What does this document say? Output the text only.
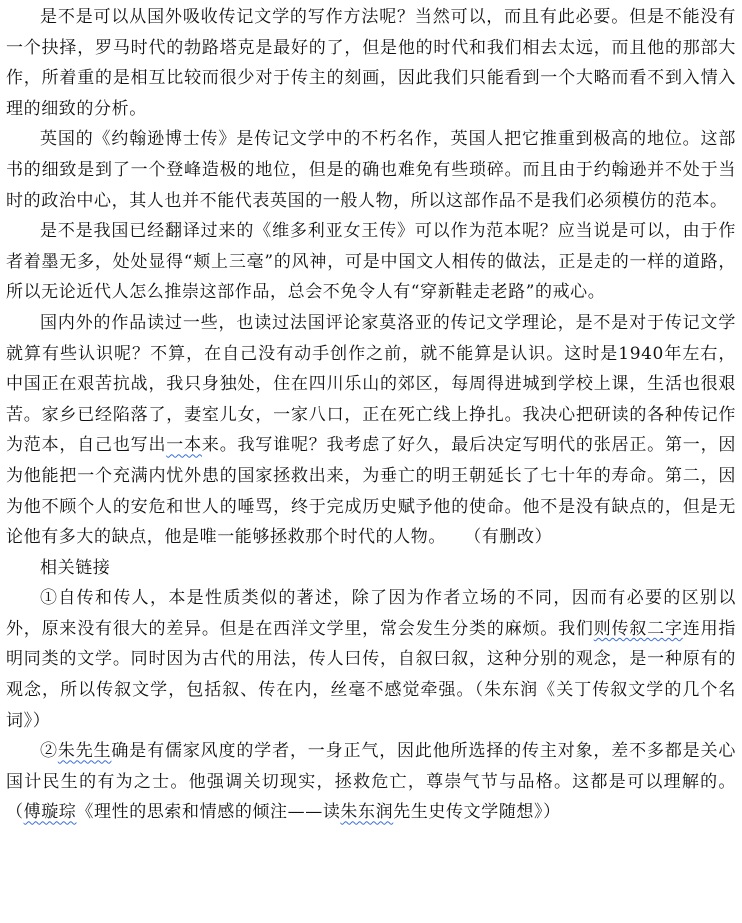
是不是可以从国外吸收传记文学的写作方法呢？当然可以，而且有此必要。但是不能没有一个抉择，罗马时代的勃路塔克是最好的了，但是他的时代和我们相去太远，而且他的那部大作，所着重的是相互比较而很少对于传主的刻画，因此我们只能看到一个大略而看不到入情入理的细致的分析。

英国的《约翰逊博士传》是传记文学中的不朽名作，英国人把它推重到极高的地位。这部书的细致是到了一个登峰造极的地位，但是的确也难免有些琐碎。而且由于约翰逊并不处于当时的政治中心，其人也并不能代表英国的一般人物，所以这部作品不是我们必须模仿的范本。

是不是我国已经翻译过来的《维多利亚女王传》可以作为范本呢？应当说是可以，由于作者着墨无多，处处显得“颊上三毫”的风神，可是中国文人相传的做法，正是走的一样的道路，所以无论近代人怎么推崇这部作品，总会不免令人有“穿新鞋走老路”的戒心。

国内外的作品读过一些，也读过法国评论家莫洛亚的传记文学理论，是不是对于传记文学就算有些认识呢？不算，在自己没有动手创作之前，就不能算是认识。这时是1940年左右，中国正在艰苦抗战，我只身独处，住在四川乐山的郊区，每周得进城到学校上课，生活也很艰苦。家乡已经陷落了，妻室儿女，一家八口，正在死亡线上挣扎。我决心把研读的各种传记作为范本，自己也写出一本来。我写谁呢？我考虑了好久，最后决定写明代的张居正。第一，因为他能把一个充满内忧外患的国家拯救出来，为垂亡的明王朝延长了七十年的寿命。第二，因为他不顾个人的安危和世人的唾骂，终于完成历史赋予他的使命。他不是没有缺点的，但是无论他有多大的缺点，他是唯一能够拯救那个时代的人物。　　 （有删改）

相关链接

①自传和传人，本是性质类似的著述，除了因为作者立场的不同，因而有必要的区别以外，原来没有很大的差异。但是在西洋文学里，常会发生分类的麻烦。我们则传叙二字连用指明同类的文学。同时因为古代的用法，传人曰传，自叙曰叙，这种分别的观念，是一种原有的观念，所以传叙文学，包括叙、传在内，丝毫不感觉牵强。（朱东润《关丁传叙文学的几个名词》）

②朱先生确是有儒家风度的学者，一身正气，因此他所选择的传主对象，差不多都是关心国计民生的有为之士。他强调关切现实，拯救危亡，尊崇气节与品格。这都是可以理解的。（傅璇琮《理性的思索和情感的倾注——读朱东润先生史传文学随想》）
